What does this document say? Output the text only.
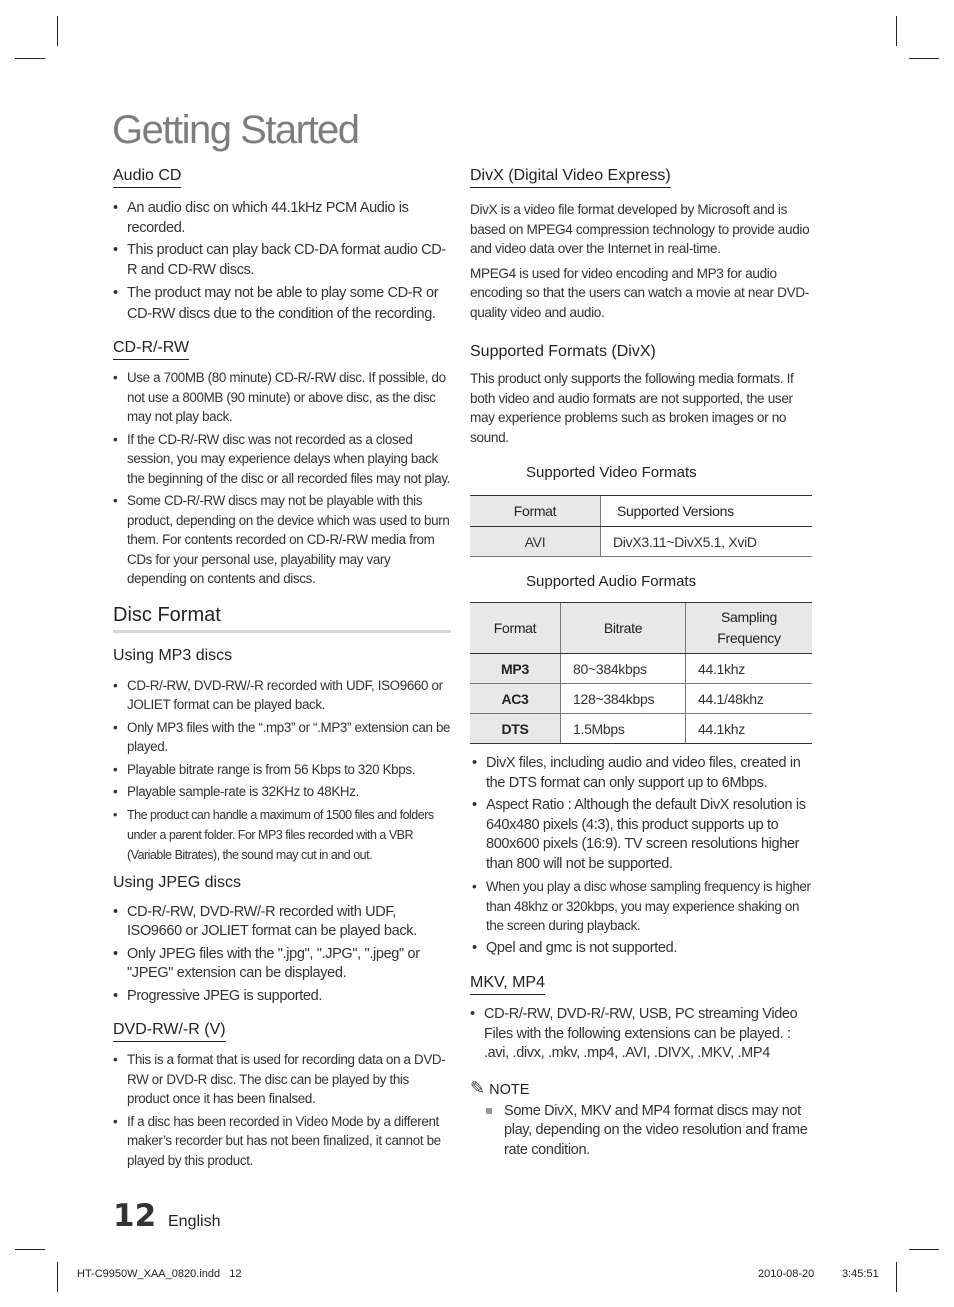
Getting Started
Audio CD
• An audio disc on which 44.1kHz PCM Audio is recorded.
• This product can play back CD-DA format audio CD-R and CD-RW discs.
• The product may not be able to play some CD-R or CD-RW discs due to the condition of the recording.
CD-R/-RW
• Use a 700MB (80 minute) CD-R/-RW disc. If possible, do not use a 800MB (90 minute) or above disc, as the disc may not play back.
• If the CD-R/-RW disc was not recorded as a closed session, you may experience delays when playing back the beginning of the disc or all recorded files may not play.
• Some CD-R/-RW discs may not be playable with this product, depending on the device which was used to burn them. For contents recorded on CD-R/-RW media from CDs for your personal use, playability may vary depending on contents and discs.
Disc Format
Using MP3 discs
• CD-R/-RW, DVD-RW/-R recorded with UDF, ISO9660 or JOLIET format can be played back.
• Only MP3 files with the “.mp3” or “.MP3” extension can be played.
• Playable bitrate range is from 56 Kbps to 320 Kbps.
• Playable sample-rate is 32KHz to 48KHz.
• The product can handle a maximum of 1500 files and folders under a parent folder. For MP3 files recorded with a VBR (Variable Bitrates), the sound may cut in and out.
Using JPEG discs
• CD-R/-RW, DVD-RW/-R recorded with UDF, ISO9660 or JOLIET format can be played back.
• Only JPEG files with the ".jpg", ".JPG", ".jpeg" or "JPEG" extension can be displayed.
• Progressive JPEG is supported.
DVD-RW/-R (V)
• This is a format that is used for recording data on a DVD-RW or DVD-R disc. The disc can be played by this product once it has been finalsed.
• If a disc has been recorded in Video Mode by a different maker’s recorder but has not been finalized, it cannot be played by this product.
DivX (Digital Video Express)

DivX is a video file format developed by Microsoft and is based on MPEG4 compression technology to provide audio and video data over the Internet in real-time.

MPEG4 is used for video encoding and MP3 for audio encoding so that the users can watch a movie at near DVD-quality video and audio.

Supported Formats (DivX)

This product only supports the following media formats. If both video and audio formats are not supported, the user may experience problems such as broken images or no sound.

Supported Video Formats

Format	Supported Versions
AVI	DivX3.11~DivX5.1, XviD

Supported Audio Formats

Format	Bitrate	Sampling
Frequency
MP3	80~384kbps	44.1khz
AC3	128~384kbps	44.1/48khz
DTS	1.5Mbps	44.1khz
• DivX files, including audio and video files, created in the DTS format can only support up to 6Mbps.
• Aspect Ratio : Although the default DivX resolution is 640x480 pixels (4:3), this product supports up to 800x600 pixels (16:9). TV screen resolutions higher than 800 will not be supported.
• When you play a disc whose sampling frequency is higher than 48khz or 320kbps, you may experience shaking on the screen during playback.
• Qpel and gmc is not supported.
MKV, MP4
• CD-R/-RW, DVD-R/-RW, USB, PC streaming Video Files with the following extensions can be played. : .avi, .divx, .mkv, .mp4, .AVI, .DIVX, .MKV, .MP4

✎ NOTE

Some DivX, MKV and MP4 format discs may not play, depending on the video resolution and frame rate condition.
12 English
HT-C9950W_XAA_0820.indd   12	2010-08-20	3:45:51
